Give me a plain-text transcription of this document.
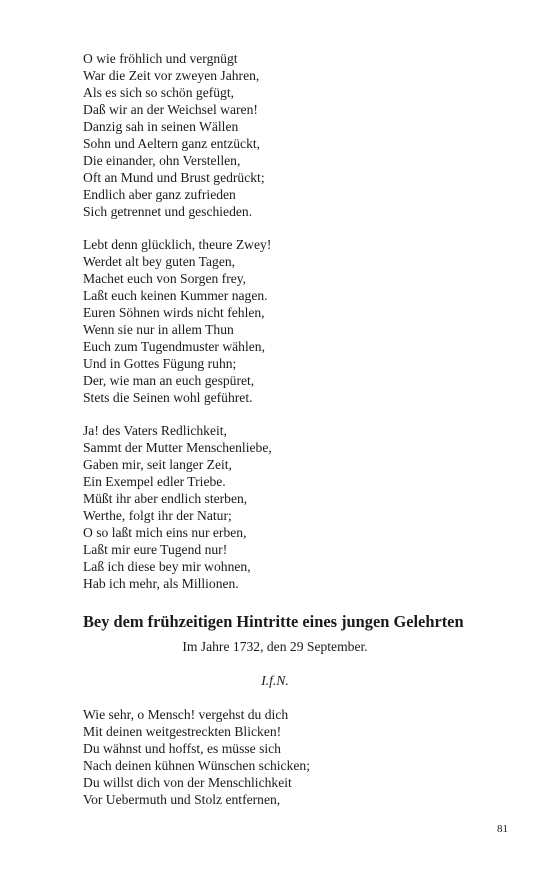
O wie fröhlich und vergnügt
War die Zeit vor zweyen Jahren,
Als es sich so schön gefügt,
Daß wir an der Weichsel waren!
Danzig sah in seinen Wällen
Sohn und Aeltern ganz entzückt,
Die einander, ohn Verstellen,
Oft an Mund und Brust gedrückt;
Endlich aber ganz zufrieden
Sich getrennet und geschieden.
Lebt denn glücklich, theure Zwey!
Werdet alt bey guten Tagen,
Machet euch von Sorgen frey,
Laßt euch keinen Kummer nagen.
Euren Söhnen wirds nicht fehlen,
Wenn sie nur in allem Thun
Euch zum Tugendmuster wählen,
Und in Gottes Fügung ruhn;
Der, wie man an euch gespüret,
Stets die Seinen wohl geführet.
Ja! des Vaters Redlichkeit,
Sammt der Mutter Menschenliebe,
Gaben mir, seit langer Zeit,
Ein Exempel edler Triebe.
Müßt ihr aber endlich sterben,
Werthe, folgt ihr der Natur;
O so laßt mich eins nur erben,
Laßt mir eure Tugend nur!
Laß ich diese bey mir wohnen,
Hab ich mehr, als Millionen.
Bey dem frühzeitigen Hintritte eines jungen Gelehrten
Im Jahre 1732, den 29 September.
I.f.N.
Wie sehr, o Mensch! vergehst du dich
Mit deinen weitgestreckten Blicken!
Du wähnst und hoffst, es müsse sich
Nach deinen kühnen Wünschen schicken;
Du willst dich von der Menschlichkeit
Vor Uebermuth und Stolz entfernen,
81
